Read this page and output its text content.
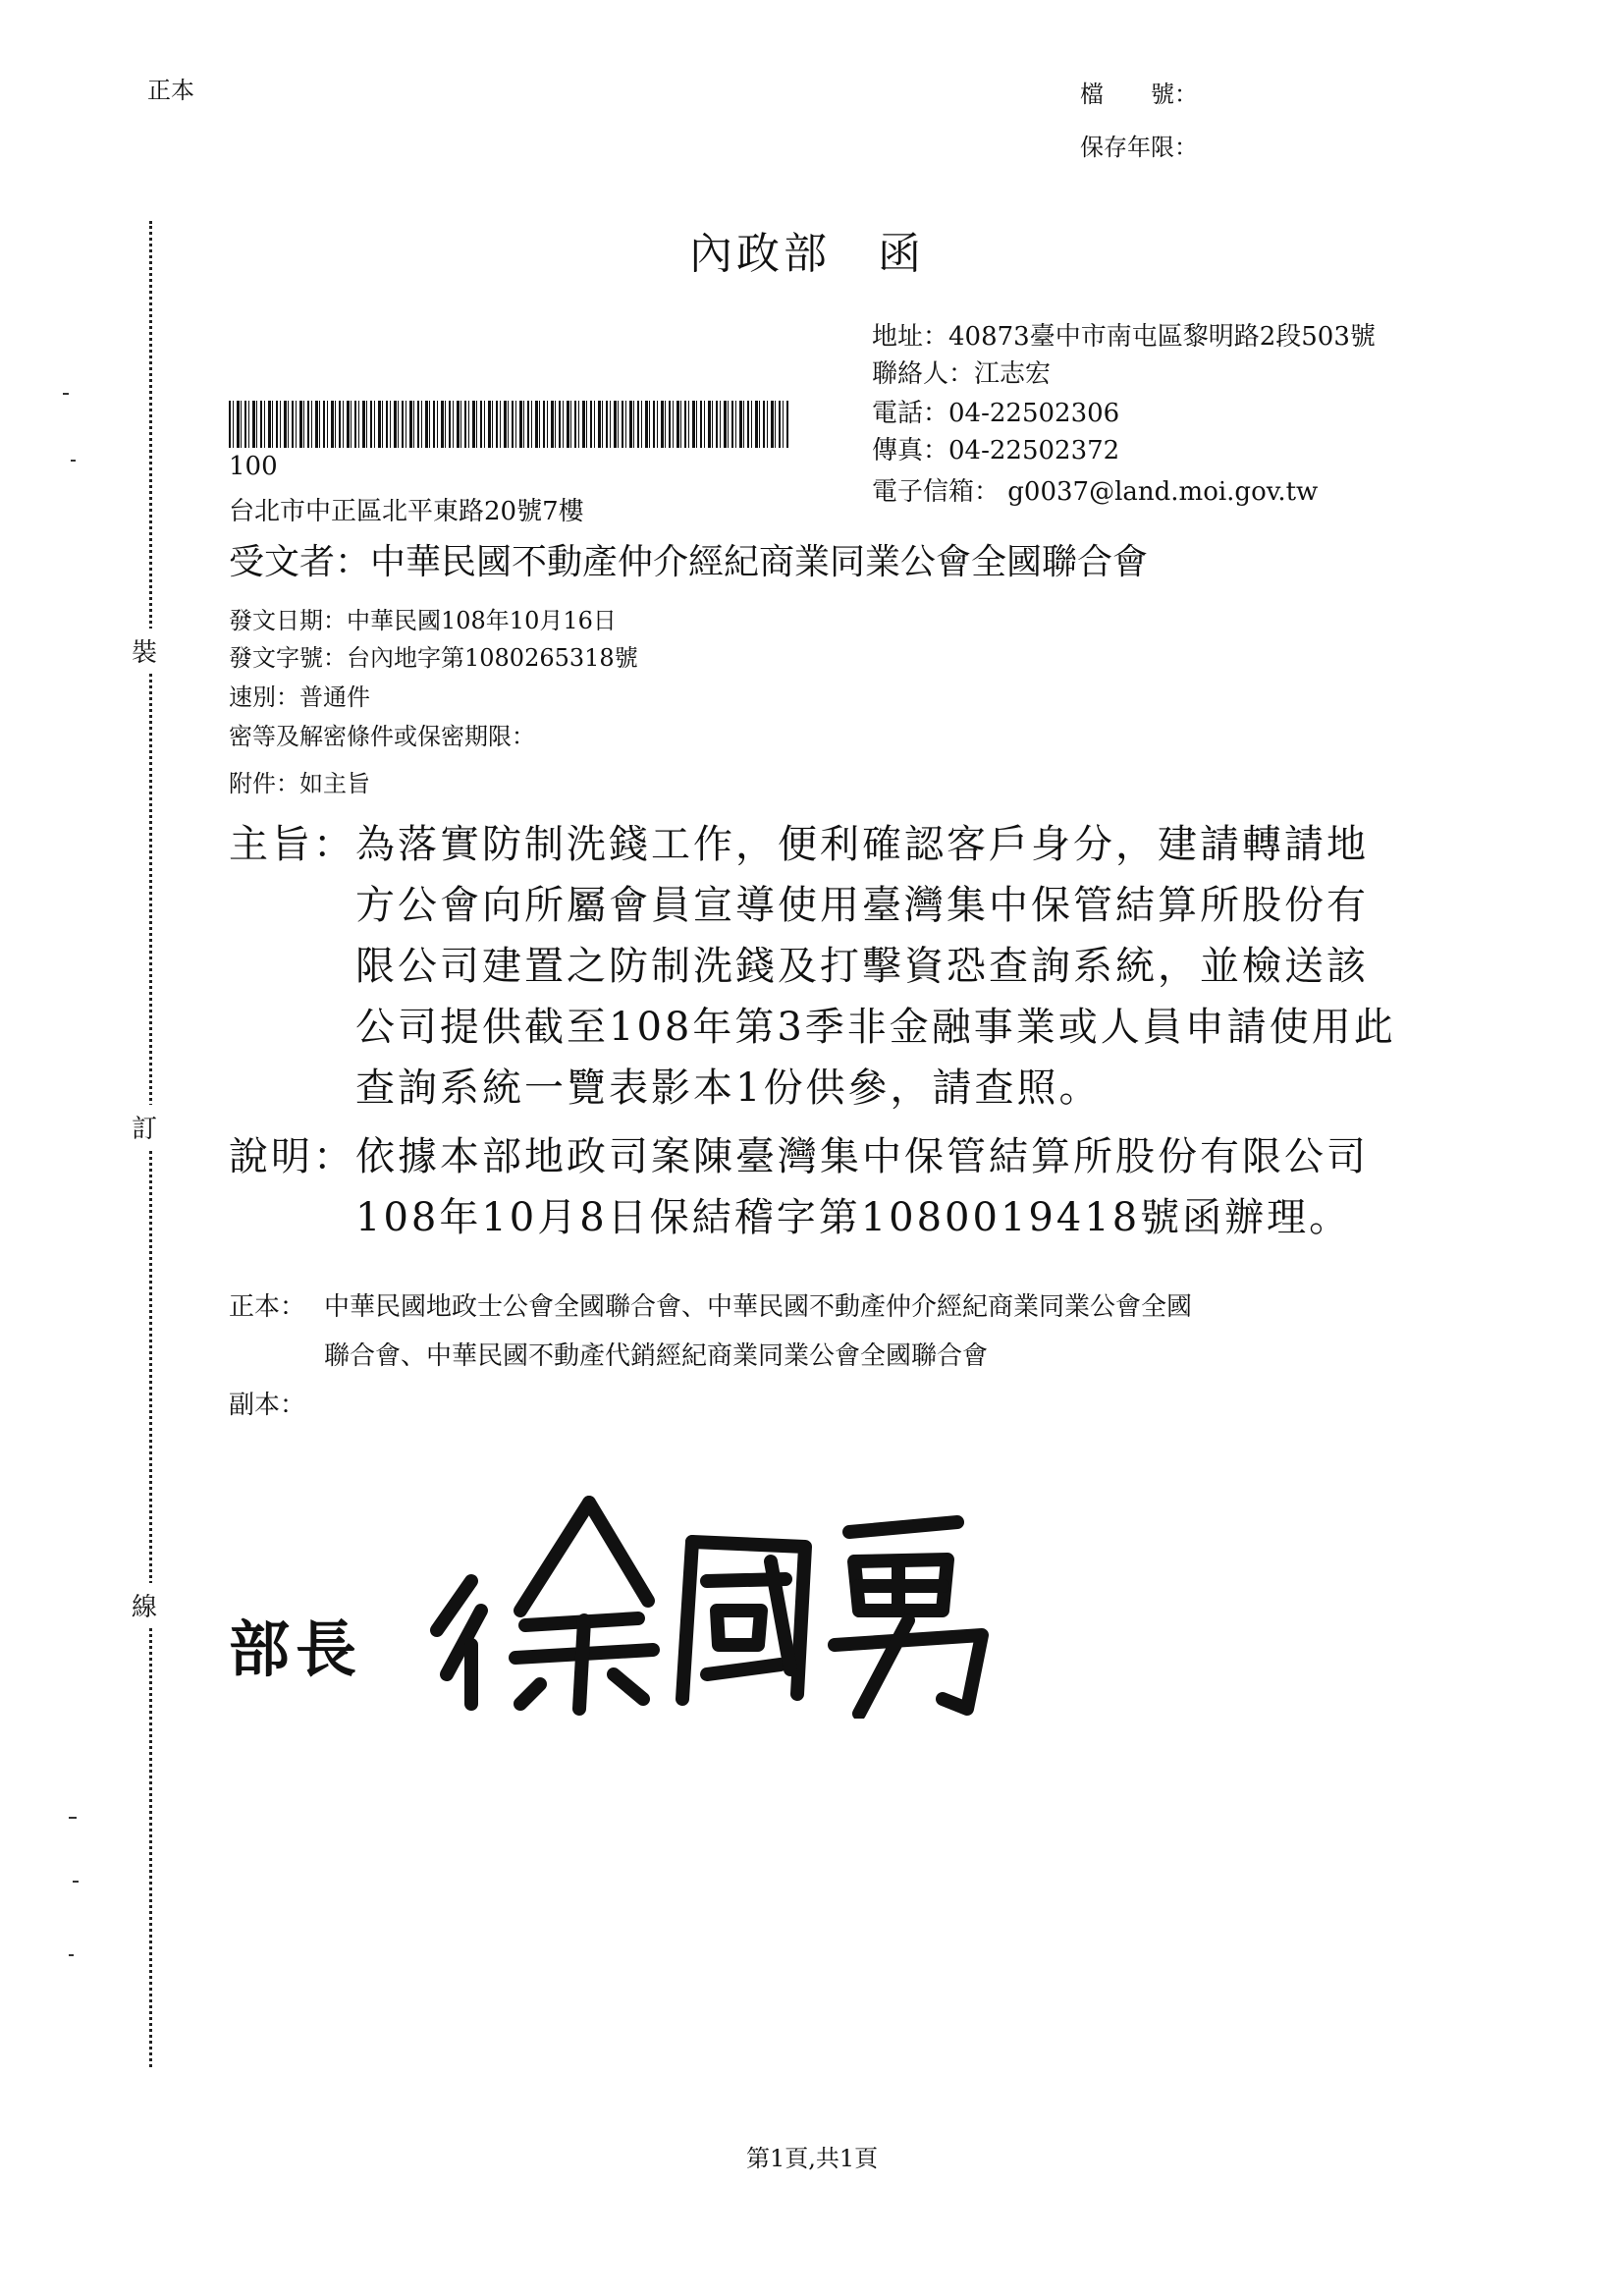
正本	檔　　號：
保存年限：
裝
訂
線
內政部　函
地址：40873臺中市南屯區黎明路2段503號
聯絡人：江志宏
電話：04-22502306
傳真：04-22502372
電子信箱： g0037@land.moi.gov.tw
100
台北市中正區北平東路20號7樓
受文者：中華民國不動產仲介經紀商業同業公會全國聯合會
發文日期：中華民國108年10月16日
發文字號：台內地字第1080265318號
速別：普通件
密等及解密條件或保密期限：
附件：如主旨
主旨： 為落實防制洗錢工作，便利確認客戶身分，建請轉請地
方公會向所屬會員宣導使用臺灣集中保管結算所股份有
限公司建置之防制洗錢及打擊資恐查詢系統，並檢送該
公司提供截至108年第3季非金融事業或人員申請使用此
查詢系統一覽表影本1份供參，請查照。
說明： 依據本部地政司案陳臺灣集中保管結算所股份有限公司
108年10月8日保結稽字第1080019418號函辦理。
正本： 中華民國地政士公會全國聯合會、中華民國不動產仲介經紀商業同業公會全國
聯合會、中華民國不動產代銷經紀商業同業公會全國聯合會
副本：
部長
第1頁,共1頁
